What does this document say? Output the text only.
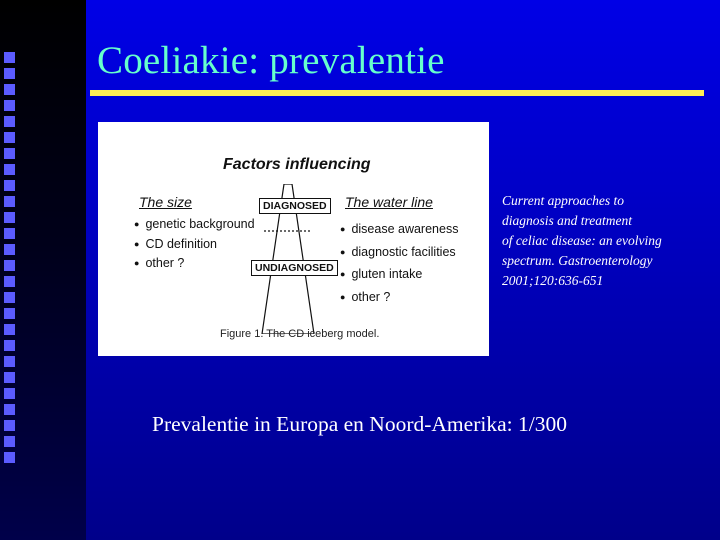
Coeliakie: prevalentie
Factors influencing
The size	The water line
● genetic background
● CD definition
● other ?
● disease awareness
● diagnostic facilities
● gluten intake
● other ?
DIAGNOSED
UNDIAGNOSED
Figure 1. The CD iceberg model.

Current approaches to
diagnosis and treatment
of celiac disease: an evolving
spectrum. Gastroenterology
2001;120:636-651

Prevalentie in Europa en Noord-Amerika: 1/300
